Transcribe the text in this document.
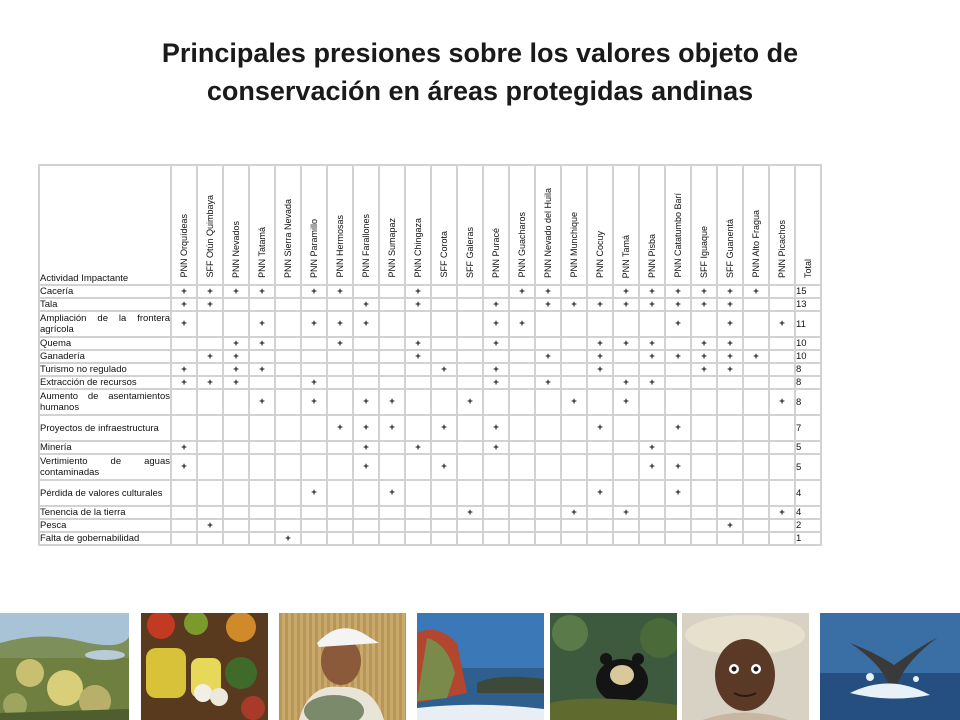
Principales presiones sobre los valores objeto de
conservación en áreas protegidas andinas
Actividad Impactante	PNN Orquídeas	SFF Otún Quimbaya	PNN Nevados	PNN Tatamá	PNN Sierra Nevada	PNN Paramillo	PNN Hermosas	PNN Farallones	PNN Sumapaz	PNN Chingaza	SFF Corota	SFF Galeras	PNN Puracé	PNN Guacharos	PNN Nevado del Huila	PNN Munchique	PNN Cocuy	PNN Tamá	PNN Pisba	PNN Catatumbo Barí	SFF Iguaque	SFF Guanentá	PNN Alto Fragua	PNN Picachos	Total

Cacería	+	+	+	+		+	+			+				+	+			+	+	+	+	+	+		15
Tala	+	+						+		+			+		+	+	+	+	+	+	+	+			13
Ampliación de la frontera agrícola	+			+		+	+	+					+	+						+		+		+	11
Quema			+	+			+			+			+				+	+	+		+	+			10
Ganadería		+	+							+					+		+		+	+	+	+	+		10
Turismo no regulado	+		+	+							+		+				+				+	+			8
Extracción de recursos	+	+	+			+							+		+			+	+						8
Aumento de asentamientos humanos				+		+		+	+			+				+		+						+	8
Proyectos de infraestructura							+	+	+		+		+				+			+					7
Minería	+							+		+			+						+						5
Vertimiento de aguas contaminadas	+							+			+								+	+					5
Pérdida de valores culturales						+			+								+			+					4
Tenencia de la tierra												+				+		+						+	4
Pesca		+																				+			2
Falta de gobernabilidad					+																				1
